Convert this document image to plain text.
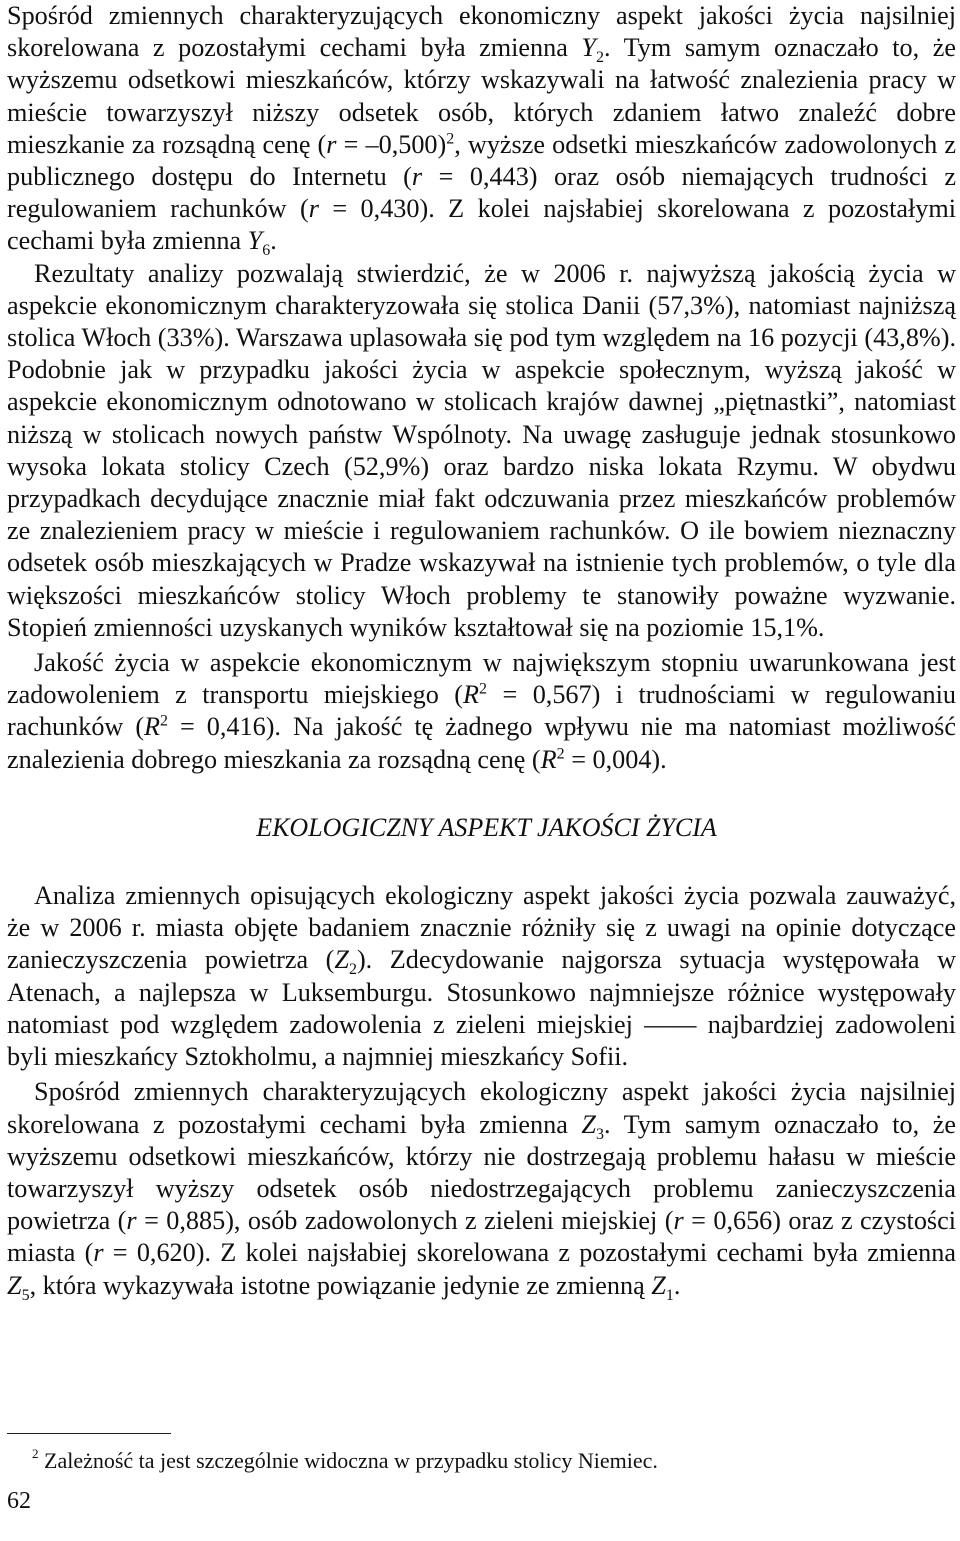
Spośród zmiennych charakteryzujących ekonomiczny aspekt jakości życia najsilniej skorelowana z pozostałymi cechami była zmienna $Y_2$. Tym samym oznaczało to, że wyższemu odsetkowi mieszkańców, którzy wskazywali na łatwość znalezienia pracy w mieście towarzyszył niższy odsetek osób, których zdaniem łatwo znaleźć dobre mieszkanie za rozsądną cenę (r = –0,500)$^2$, wyższe odsetki mieszkańców zadowolonych z publicznego dostępu do Internetu (r = 0,443) oraz osób niemających trudności z regulowaniem rachunków (r = 0,430). Z kolei najsłabiej skorelowana z pozostałymi cechami była zmienna $Y_6$.

Rezultaty analizy pozwalają stwierdzić, że w 2006 r. najwyższą jakością życia w aspekcie ekonomicznym charakteryzowała się stolica Danii (57,3%), natomiast najniższą stolica Włoch (33%). Warszawa uplasowała się pod tym względem na 16 pozycji (43,8%). Podobnie jak w przypadku jakości życia w aspekcie społecznym, wyższą jakość w aspekcie ekonomicznym odnotowano w stolicach krajów dawnej „piętnastki”, natomiast niższą w stolicach nowych państw Wspólnoty. Na uwagę zasługuje jednak stosunkowo wysoka lokata stolicy Czech (52,9%) oraz bardzo niska lokata Rzymu. W obydwu przypadkach decydujące znacznie miał fakt odczuwania przez mieszkańców problemów ze znalezieniem pracy w mieście i regulowaniem rachunków. O ile bowiem nieznaczny odsetek osób mieszkających w Pradze wskazywał na istnienie tych problemów, o tyle dla większości mieszkańców stolicy Włoch problemy te stanowiły poważne wyzwanie. Stopień zmienności uzyskanych wyników kształtował się na poziomie 15,1%.

Jakość życia w aspekcie ekonomicznym w największym stopniu uwarunkowana jest zadowoleniem z transportu miejskiego $(R^2 = 0,567)$ i trudnościami w regulowaniu rachunków $(R^2 = 0,416)$. Na jakość tę żadnego wpływu nie ma natomiast możliwość znalezienia dobrego mieszkania za rozsądną cenę $(R^2 = 0,004)$.

EKOLOGICZNY ASPEKT JAKOŚCI ŻYCIA

Analiza zmiennych opisujących ekologiczny aspekt jakości życia pozwala zauważyć, że w 2006 r. miasta objęte badaniem znacznie różniły się z uwagi na opinie dotyczące zanieczyszczenia powietrza $(Z_2)$. Zdecydowanie najgorsza sytuacja występowała w Atenach, a najlepsza w Luksemburgu. Stosunkowo najmniejsze różnice występowały natomiast pod względem zadowolenia z zieleni miejskiej —— najbardziej zadowoleni byli mieszkańcy Sztokholmu, a najmniej mieszkańcy Sofii.

Spośród zmiennych charakteryzujących ekologiczny aspekt jakości życia najsilniej skorelowana z pozostałymi cechami była zmienna $Z_3$. Tym samym oznaczało to, że wyższemu odsetkowi mieszkańców, którzy nie dostrzegają problemu hałasu w mieście towarzyszył wyższy odsetek osób niedostrzegających problemu zanieczyszczenia powietrza (r = 0,885), osób zadowolonych z zieleni miejskiej (r = 0,656) oraz z czystości miasta (r = 0,620). Z kolei najsłabiej skorelowana z pozostałymi cechami była zmienna $Z_5$, która wykazywała istotne powiązanie jedynie ze zmienną $Z_1$.

$^2$ Zależność ta jest szczególnie widoczna w przypadku stolicy Niemiec.
62
